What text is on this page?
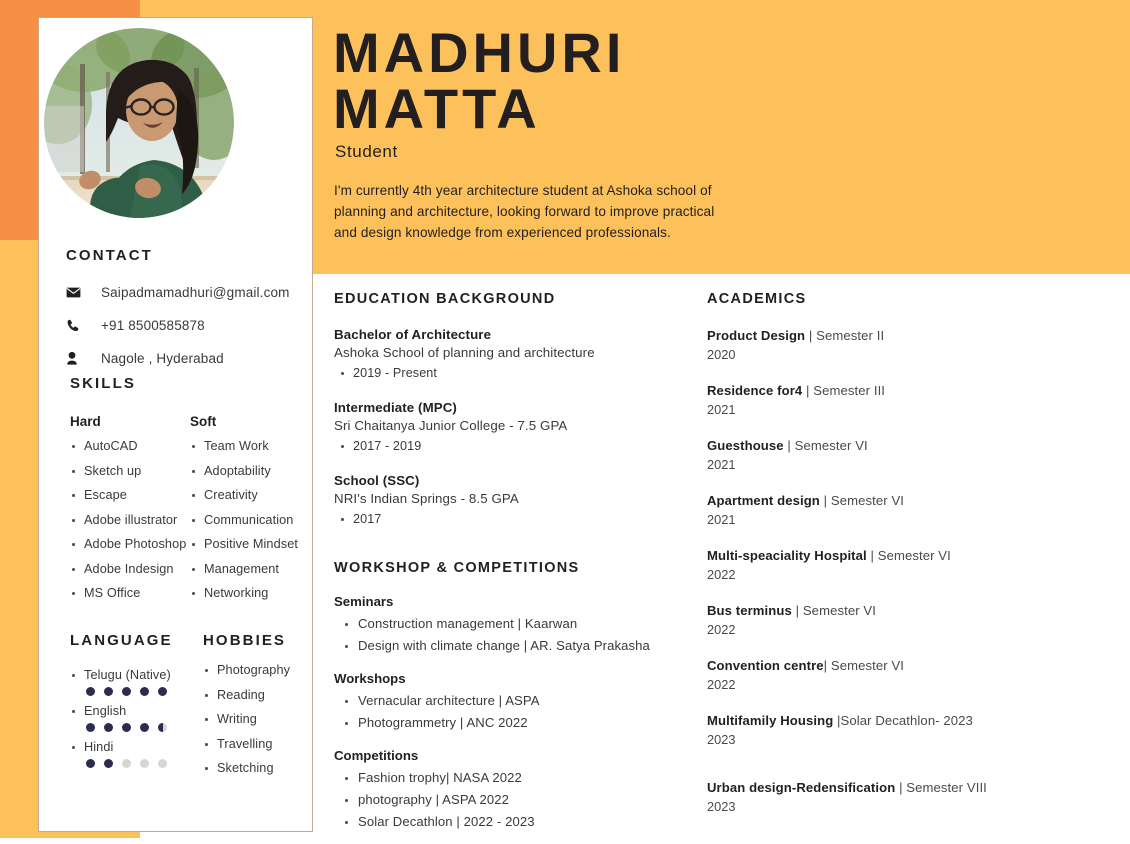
CONTACT
Saipadmamadhuri@gmail.com
+91 8500585878
Nagole , Hyderabad
SKILLS
Hard
AutoCAD
Sketch up
Escape
Adobe illustrator
Adobe Photoshop
Adobe Indesign
MS Office
Soft
Team Work
Adoptability
Creativity
Communication
Positive Mindset
Management
Networking
LANGUAGE
Telugu (Native)
English
Hindi
HOBBIES
Photography
Reading
Writing
Travelling
Sketching
MADHURI
MATTA
Student
I'm currently 4th year architecture student at Ashoka school of planning and architecture, looking forward to improve practical and design knowledge from experienced professionals.
EDUCATION BACKGROUND
Bachelor of Architecture
Ashoka School of planning and architecture
2019 - Present
Intermediate (MPC)
Sri Chaitanya Junior College - 7.5 GPA
2017 - 2019
School (SSC)
NRI's Indian Springs - 8.5 GPA
2017
WORKSHOP & COMPETITIONS
Seminars
Construction management | Kaarwan
Design with climate change | AR. Satya Prakasha
Workshops
Vernacular architecture | ASPA
Photogrammetry | ANC 2022
Competitions
Fashion trophy| NASA 2022
photography | ASPA 2022
Solar Decathlon | 2022 - 2023
ACADEMICS
Product Design | Semester II
2020
Residence for4 | Semester III
2021
Guesthouse | Semester VI
2021
Apartment design | Semester VI
2021
Multi-speaciality Hospital | Semester VI
2022
Bus terminus | Semester VI
2022
Convention centre| Semester VI
2022
Multifamily Housing |Solar Decathlon- 2023
2023
Urban design-Redensification | Semester VIII
2023
